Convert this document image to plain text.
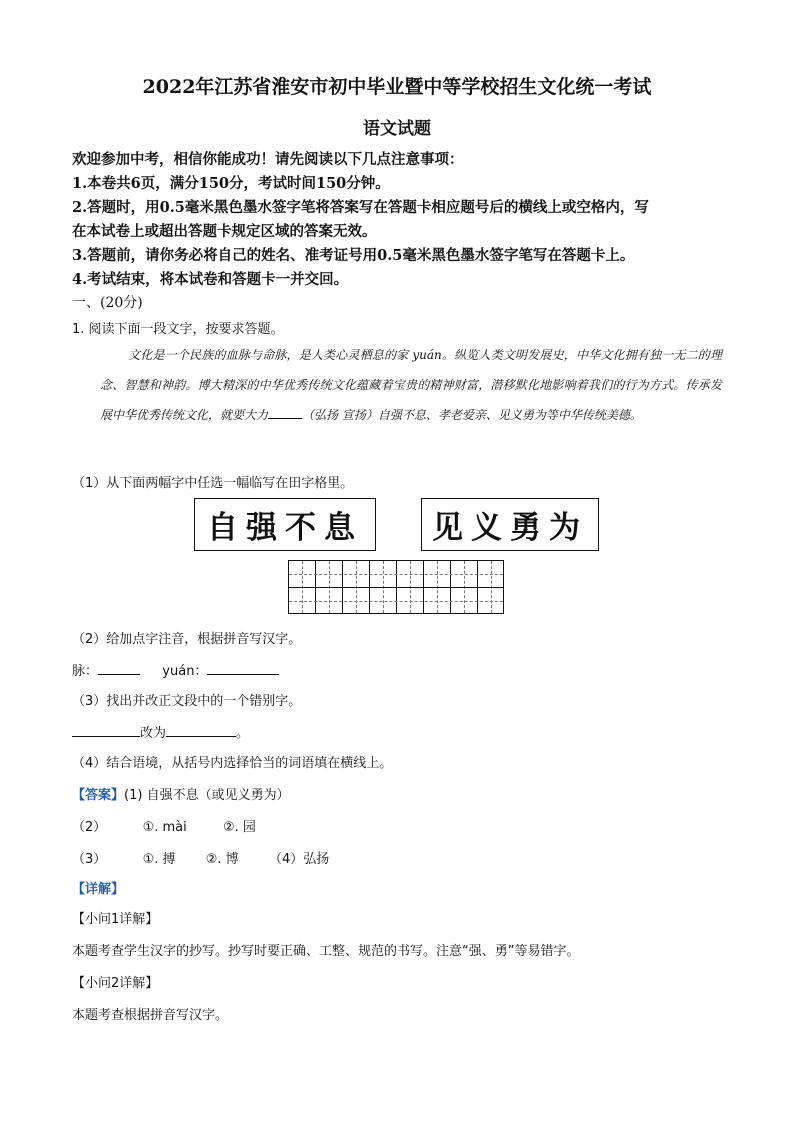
2022年江苏省淮安市初中毕业暨中等学校招生文化统一考试
语文试题
欢迎参加中考，相信你能成功！请先阅读以下几点注意事项：
1.本卷共6页，满分150分，考试时间150分钟。
2.答题时，用0.5毫米黑色墨水签字笔将答案写在答题卡相应题号后的横线上或空格内，写
在本试卷上或超出答题卡规定区域的答案无效。
3.答题前，请你务必将自己的姓名、准考证号用0.5毫米黑色墨水签字笔写在答题卡上。
4.考试结束，将本试卷和答题卡一并交回。
一、(20分)
1. 阅读下面一段文字，按要求答题。
文化是一个民族的血脉与命脉，是人类心灵栖息的家 yuán。纵览人类文明发展史，中华文化拥有独一无二的理念、智慧和神韵。博大精深的中华优秀传统文化蕴藏着宝贵的精神财富，潜移默化地影响着我们的行为方式。传承发展中华优秀传统文化，就要大力	（弘扬 宣扬）自强不息、孝老爱亲、见义勇为等中华传统美德。
（1）从下面两幅字中任选一幅临写在田字格里。
自强不息	见义勇为
（2）给加点字注音，根据拼音写汉字。
脉：	yuán：
（3）找出并改正文段中的一个错别字。
改为	。
（4）结合语境，从括号内选择恰当的词语填在横线上。
【答案】(1) 自强不息（或见义勇为）
（2）	①. mài	②. 园
（3）	①. 搏 ②. 博 （4）弘扬
【详解】
【小问1详解】
本题考查学生汉字的抄写。抄写时要正确、工整、规范的书写。注意“强、勇”等易错字。
【小问2详解】
本题考查根据拼音写汉字。
